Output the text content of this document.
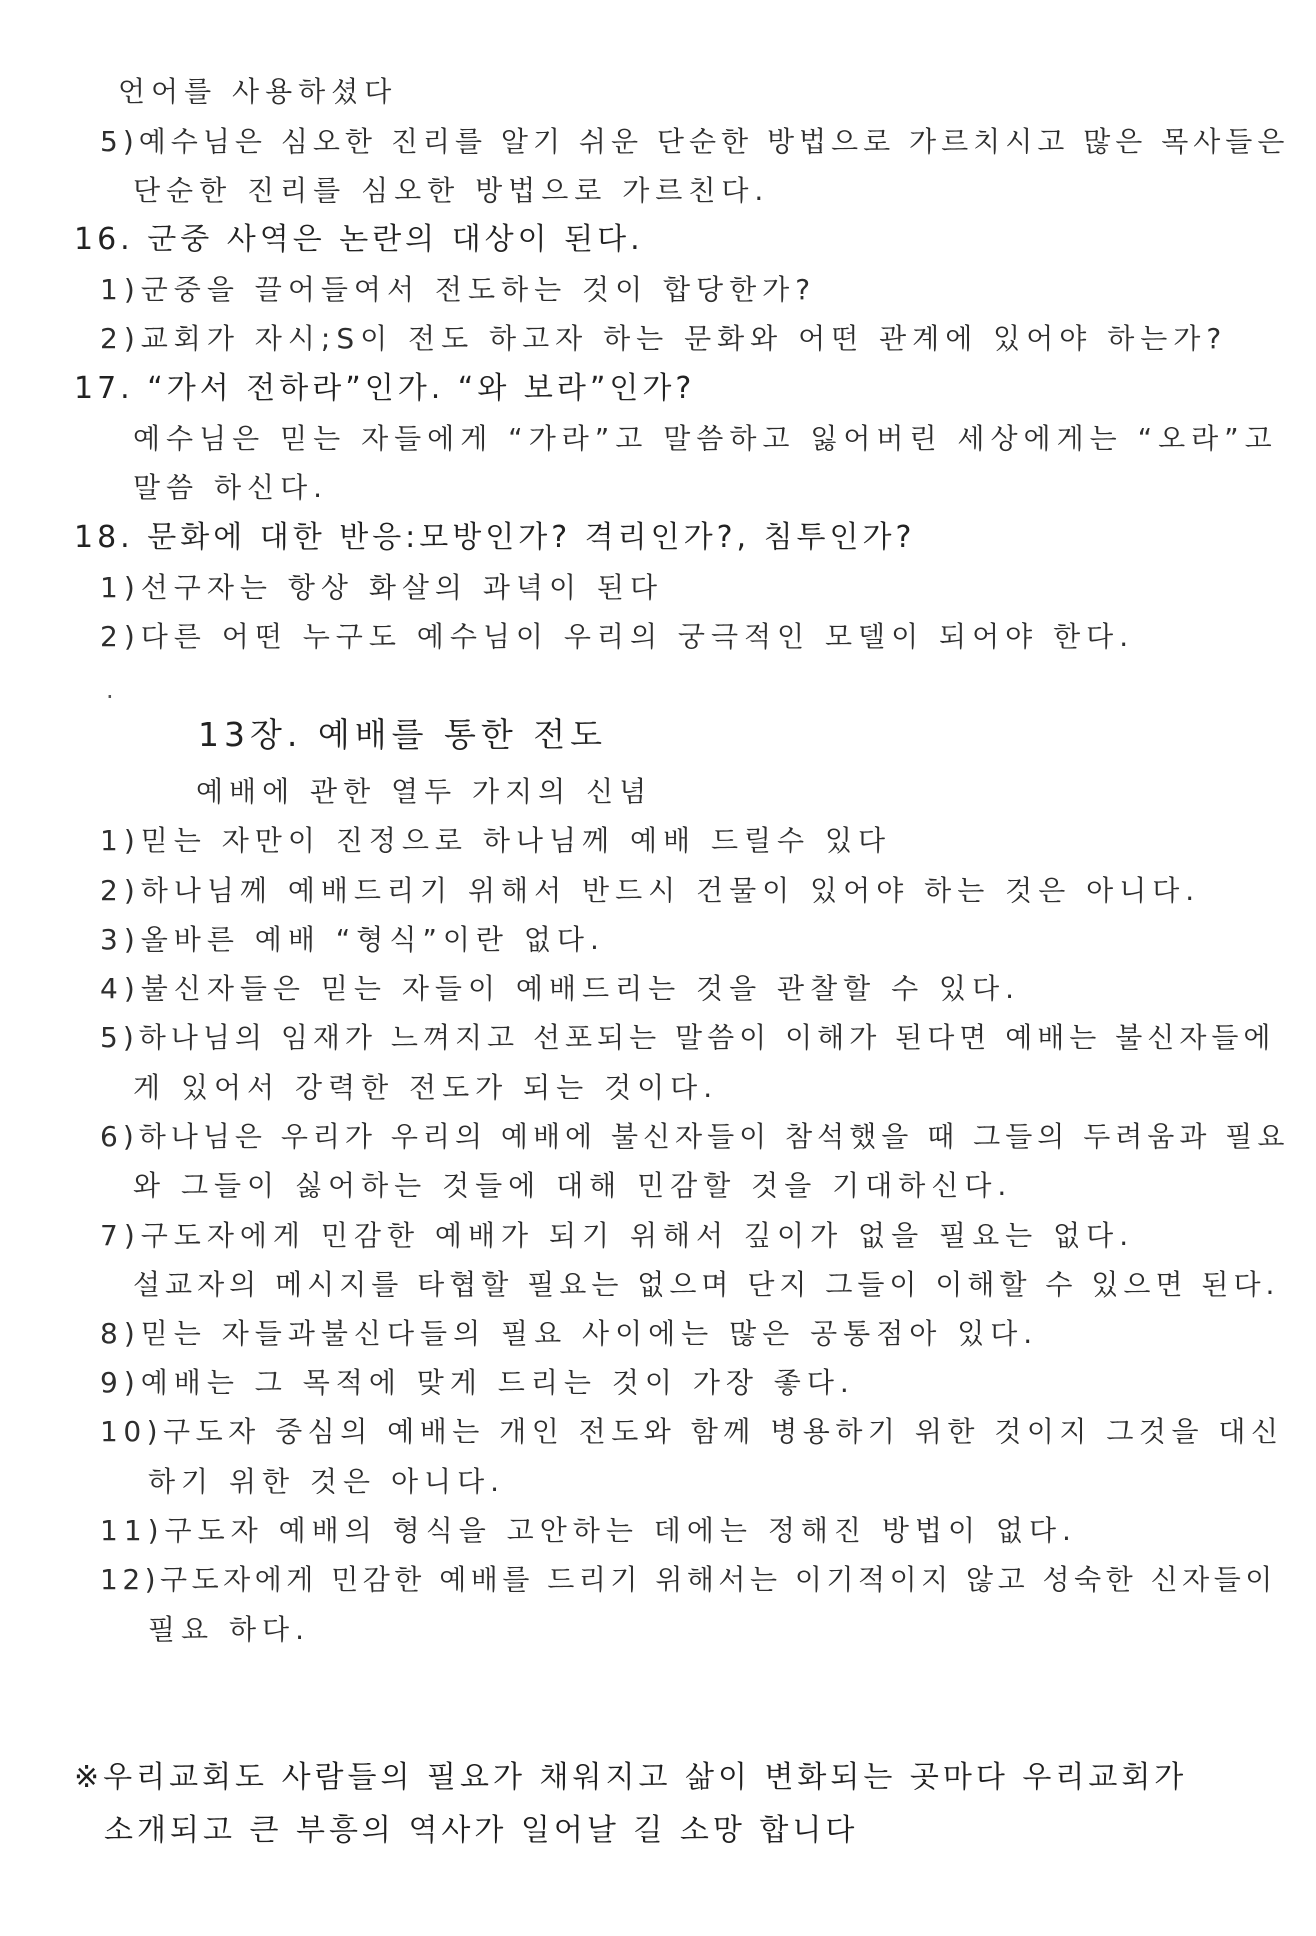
언어를 사용하셨다
5)예수님은 심오한 진리를 알기 쉬운 단순한 방법으로 가르치시고 많은 목사들은
단순한 진리를 심오한 방법으로 가르친다.
16. 군중 사역은 논란의 대상이 된다.
1)군중을 끌어들여서 전도하는 것이 합당한가?
2)교회가 자시;S이 전도 하고자 하는 문화와 어떤 관계에 있어야 하는가?
17. “가서 전하라”인가. “와 보라”인가?
예수님은 믿는 자들에게 “가라”고 말씀하고 잃어버린 세상에게는 “오라”고
말씀 하신다.
18. 문화에 대한 반응:모방인가? 격리인가?, 침투인가?
1)선구자는 항상 화살의 과녁이 된다
2)다른 어떤 누구도 예수님이 우리의 궁극적인 모델이 되어야 한다.
.
13장. 예배를 통한 전도
예배에 관한 열두 가지의 신념
1)믿는 자만이 진정으로 하나님께 예배 드릴수 있다
2)하나님께 예배드리기 위해서 반드시 건물이 있어야 하는 것은 아니다.
3)올바른 예배 “형식”이란 없다.
4)불신자들은 믿는 자들이 예배드리는 것을 관찰할 수 있다.
5)하나님의 임재가 느껴지고 선포되는 말씀이 이해가 된다면 예배는 불신자들에
게 있어서 강력한 전도가 되는 것이다.
6)하나님은 우리가 우리의 예배에 불신자들이 참석했을 때 그들의 두려움과 필요
와 그들이 싫어하는 것들에 대해 민감할 것을 기대하신다.
7)구도자에게 민감한 예배가 되기 위해서 깊이가 없을 필요는 없다.
설교자의 메시지를 타협할 필요는 없으며 단지 그들이 이해할 수 있으면 된다.
8)믿는 자들과불신다들의 필요 사이에는 많은 공통점아 있다.
9)예배는 그 목적에 맞게 드리는 것이 가장 좋다.
10)구도자 중심의 예배는 개인 전도와 함께 병용하기 위한 것이지 그것을 대신
하기 위한 것은 아니다.
11)구도자 예배의 형식을 고안하는 데에는 정해진 방법이 없다.
12)구도자에게 민감한 예배를 드리기 위해서는 이기적이지 않고 성숙한 신자들이
필요 하다.
※우리교회도 사람들의 필요가 채워지고 삶이 변화되는 곳마다 우리교회가
소개되고 큰 부흥의 역사가 일어날 길 소망 합니다
